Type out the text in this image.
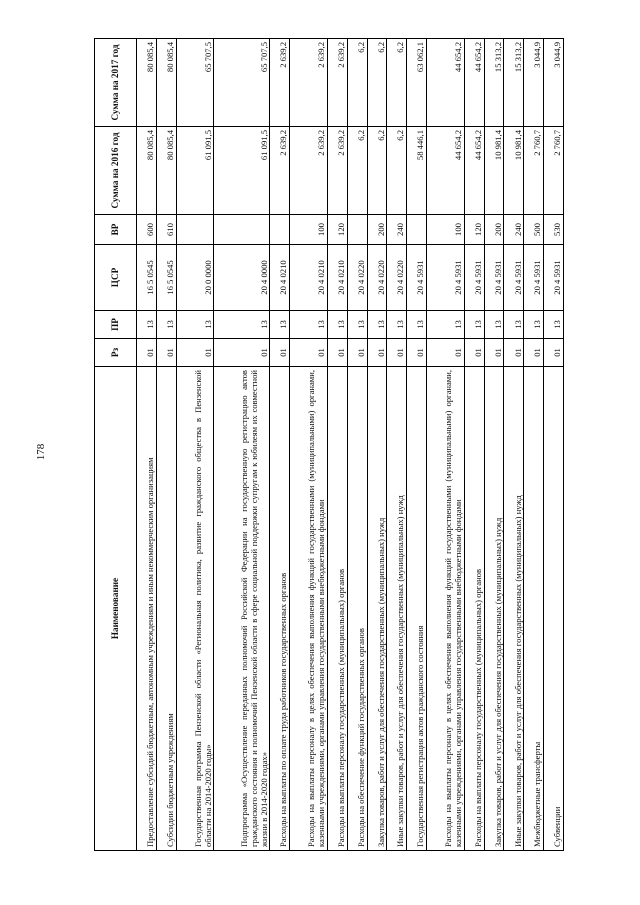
178
Наименование	Рз	ПР	ЦСР	ВР	Сумма на 2016 год	Сумма на 2017 год
Предоставление субсидий бюджетным, автономным учреждениям и иным некоммерческим организациям	01	13	16 5 0545	600	80 085,4	80 085,4
Субсидии бюджетным учреждениям	01	13	16 5 0545	610	80 085,4	80 085,4
Государственная программа Пензенской области «Региональная политика, развитие гражданского общества в Пензенской области на 2014-2020 годы»	01	13	20 0 0000		61 091,5	65 707,5
Подпрограмма «Осуществление переданных полномочий Российской Федерации на государственную регистрацию актов гражданского состояния и полномочий Пензенской области в сфере социальной поддержки супругам к юбилеям их совместной жизни в 2014-2020 годах»	01	13	20 4 0000		61 091,5	65 707,5
Расходы на выплаты по оплате труда работников государственных органов	01	13	20 4 0210		2 639,2	2 639,2
Расходы на выплаты персоналу в целях обеспечения выполнения функций государственными (муниципальными) органами, казенными учреждениями, органами управления государственными внебюджетными фондами	01	13	20 4 0210	100	2 639,2	2 639,2
Расходы на выплаты персоналу государственных (муниципальных) органов	01	13	20 4 0210	120	2 639,2	2 639,2
Расходы на обеспечение функций государственных органов	01	13	20 4 0220		6,2	6,2
Закупка товаров, работ и услуг для обеспечения государственных (муниципальных) нужд	01	13	20 4 0220	200	6,2	6,2
Иные закупки товаров, работ и услуг для обеспечения государственных (муниципальных) нужд	01	13	20 4 0220	240	6,2	6,2
Государственная регистрация актов гражданского состояния	01	13	20 4 5931		58 446,1	63 062,1
Расходы на выплаты персоналу в целях обеспечения выполнения функций государственными (муниципальными) органами, казенными учреждениями, органами управления государственными внебюджетными фондами	01	13	20 4 5931	100	44 654,2	44 654,2
Расходы на выплаты персоналу государственных (муниципальных) органов	01	13	20 4 5931	120	44 654,2	44 654,2
Закупка товаров, работ и услуг для обеспечения государственных (муниципальных) нужд	01	13	20 4 5931	200	10 981,4	15 313,2
Иные закупки товаров, работ и услуг для обеспечения государственных (муниципальных) нужд	01	13	20 4 5931	240	10 981,4	15 313,2
Межбюджетные трансферты	01	13	20 4 5931	500	2 760,7	3 044,9
Субвенции	01	13	20 4 5931	530	2 760,7	3 044,9
